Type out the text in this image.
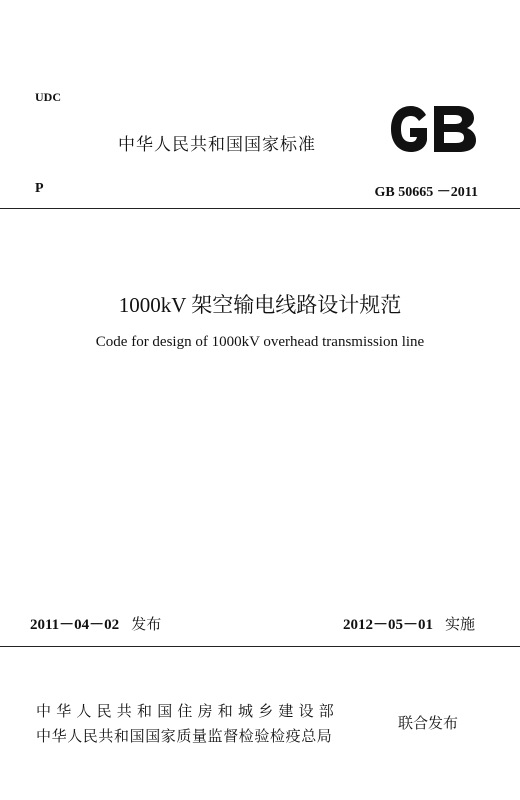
UDC
中华人民共和国国家标准
P	GB 50665 －2011
1000kV 架空输电线路设计规范
Code for design of 1000kV overhead transmission line
2011－04－02 发布	2012－05－01 实施
中华人民共和国住房和城乡建设部
中华人民共和国国家质量监督检验检疫总局
联合发布
